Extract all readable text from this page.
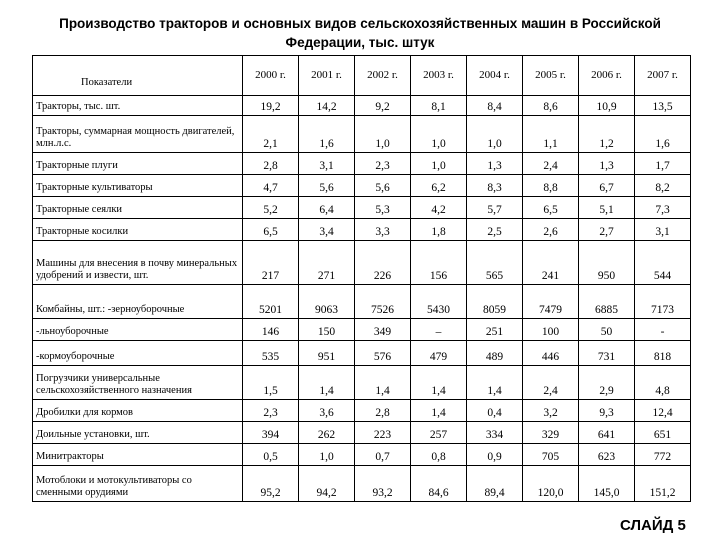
Производство тракторов и основных видов сельскохозяйственных машин в Российской Федерации, тыс. штук
Показатели	2000 г.	2001 г.	2002 г.	2003 г.	2004 г.	2005 г.	2006 г.	2007 г.
Тракторы, тыс. шт.	19,2	14,2	9,2	8,1	8,4	8,6	10,9	13,5
Тракторы, суммарная мощность двигателей, млн.л.с.	2,1	1,6	1,0	1,0	1,0	1,1	1,2	1,6
Тракторные плуги	2,8	3,1	2,3	1,0	1,3	2,4	1,3	1,7
Тракторные культиваторы	4,7	5,6	5,6	6,2	8,3	8,8	6,7	8,2
Тракторные сеялки	5,2	6,4	5,3	4,2	5,7	6,5	5,1	7,3
Тракторные косилки	6,5	3,4	3,3	1,8	2,5	2,6	2,7	3,1
Машины для внесения в почву минеральных удобрений и извести, шт.	217	271	226	156	565	241	950	544
Комбайны, шт.: -зерноуборочные	5201	9063	7526	5430	8059	7479	6885	7173
-льноуборочные	146	150	349	–	251	100	50	-
-кормоуборочные	535	951	576	479	489	446	731	818
Погрузчики универсальные сельскохозяйственного назначения	1,5	1,4	1,4	1,4	1,4	2,4	2,9	4,8
Дробилки для кормов	2,3	3,6	2,8	1,4	0,4	3,2	9,3	12,4
Доильные установки, шт.	394	262	223	257	334	329	641	651
Минитракторы	0,5	1,0	0,7	0,8	0,9	705	623	772
Мотоблоки и мотокультиваторы со сменными орудиями	95,2	94,2	93,2	84,6	89,4	120,0	145,0	151,2
СЛАЙД 5
